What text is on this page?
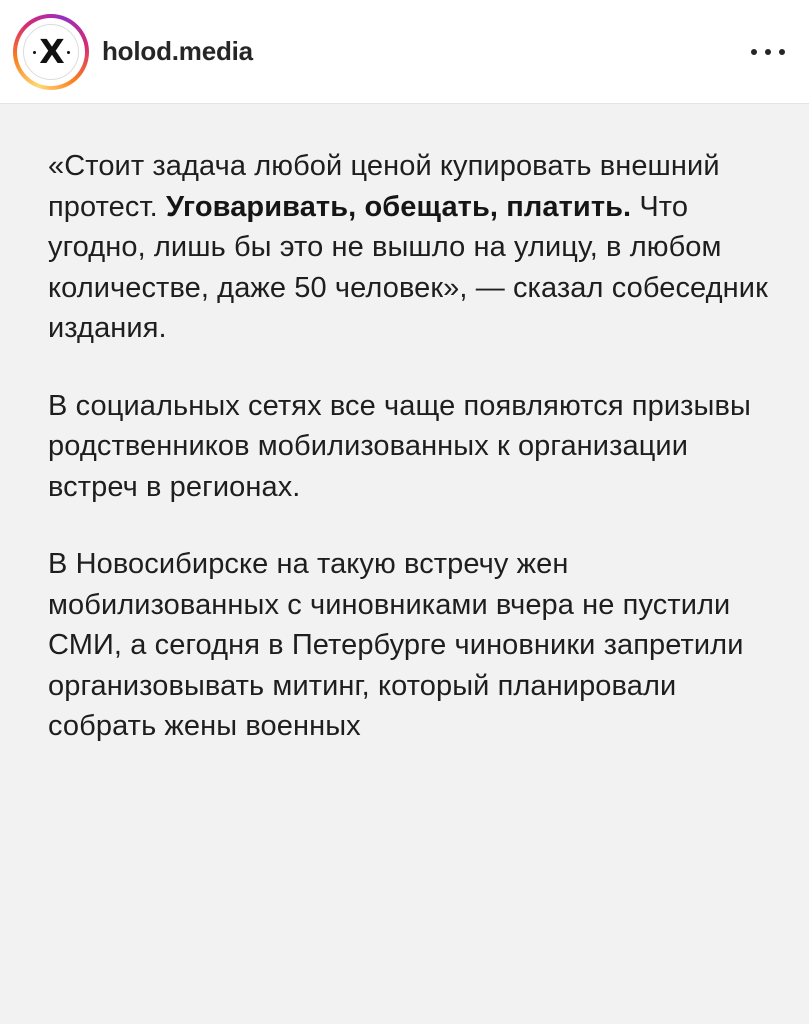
X	holod.media

«Стоит задача любой ценой купировать внешний протест. Уговаривать, обещать, платить. Что угодно, лишь бы это не вышло на улицу, в любом количестве, даже 50 человек», — сказал собеседник издания.

В социальных сетях все чаще появляются призывы родственников мобилизованных к организации встреч в регионах.

В Новосибирске на такую встречу жен мобилизованных с чиновниками вчера не пустили СМИ, а сегодня в Петербурге чиновники запретили организовывать митинг, который планировали собрать жены военных
